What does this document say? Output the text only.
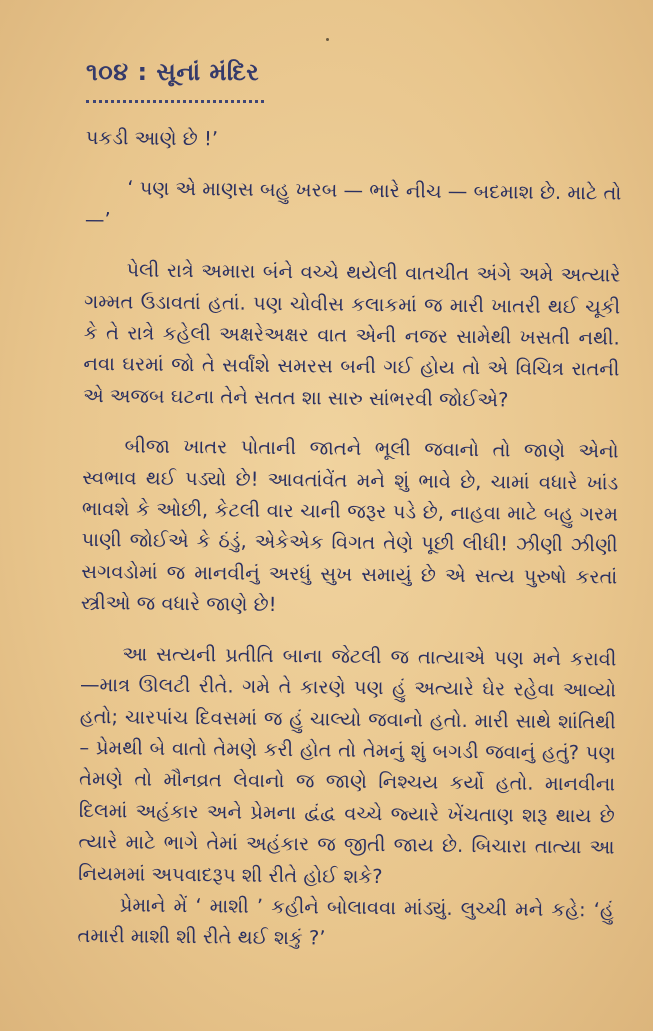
૧૦૪ : સૂનાં મંદિર

પકડી આણે છે !’

‘ પણ એ માણસ બહુ ખરબ — ભારે નીચ — બદમાશ છે. માટે તો —’

પેલી રાત્રે અમારા બંને વચ્ચે થયેલી વાતચીત અંગે અમે અત્યારે ગમ્મત ઉડાવતાં હતાં. પણ ચોવીસ કલાકમાં જ મારી ખાતરી થઈ ચૂકી કે તે રાત્રે કહેલી અક્ષરેઅક્ષર વાત એની નજર સામેથી ખસતી નથી. નવા ઘરમાં જો તે સર્વાંશે સમરસ બની ગઈ હોય તો એ વિચિત્ર રાતની એ અજબ ઘટના તેને સતત શા સારુ સાંભરવી જોઈએ?

બીજા ખાતર પોતાની જાતને ભૂલી જવાનો તો જાણે એનો સ્વભાવ થઈ પડ્યો છે! આવતાંવેંત મને શું ભાવે છે, ચામાં વધારે ખાંડ ભાવશે કે ઓછી, કેટલી વાર ચાની જરૂર પડે છે, નાહવા માટે બહુ ગરમ પાણી જોઈએ કે ઠંડું, એકેએક વિગત તેણે પૂછી લીધી! ઝીણી ઝીણી સગવડોમાં જ માનવીનું અરધું સુખ સમાયું છે એ સત્ય પુરુષો કરતાં સ્ત્રીઓ જ વધારે જાણે છે!

આ સત્યની પ્રતીતિ બાના જેટલી જ તાત્યાએ પણ મને કરાવી —માત્ર ઊલટી રીતે. ગમે તે કારણે પણ હું અત્યારે ઘેર રહેવા આવ્યો હતો; ચારપાંચ દિવસમાં જ હું ચાલ્યો જવાનો હતો. મારી સાથે શાંતિથી – પ્રેમથી બે વાતો તેમણે કરી હોત તો તેમનું શું બગડી જવાનું હતું? પણ તેમણે તો મૌનવ્રત લેવાનો જ જાણે નિશ્ચય કર્યો હતો. માનવીના દિલમાં અહંકાર અને પ્રેમના દ્વંદ્વ વચ્ચે જ્યારે ખેંચતાણ શરૂ થાય છે ત્યારે માટે ભાગે તેમાં અહંકાર જ જીતી જાય છે. બિચારા તાત્યા આ નિયમમાં અપવાદરૂપ શી રીતે હોઈ શકે?

પ્રેમાને મેં ‘ માશી ’ કહીને બોલાવવા માંડ્યું. લુચ્ચી મને કહે: ‘હું તમારી માશી શી રીતે થઈ શકું ?’
